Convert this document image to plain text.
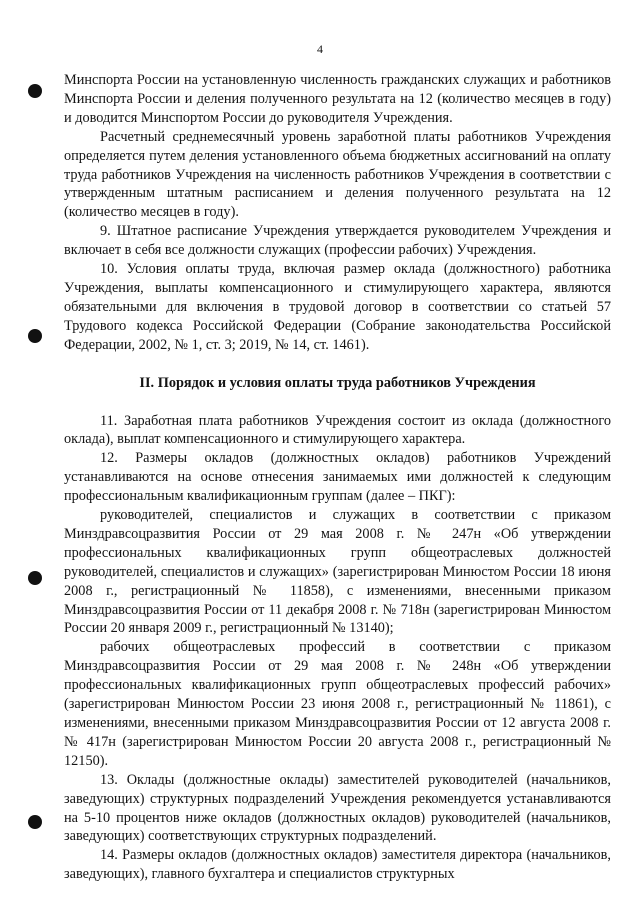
4

Минспорта России на установленную численность гражданских служащих и работников Минспорта России и деления полученного результата на 12 (количество месяцев в году) и доводится Минспортом России до руководителя Учреждения.

Расчетный среднемесячный уровень заработной платы работников Учреждения определяется путем деления установленного объема бюджетных ассигнований на оплату труда работников Учреждения на численность работников Учреждения в соответствии с утвержденным штатным расписанием и деления полученного результата на 12 (количество месяцев в году).

9. Штатное расписание Учреждения утверждается руководителем Учреждения и включает в себя все должности служащих (профессии рабочих) Учреждения.

10. Условия оплаты труда, включая размер оклада (должностного) работника Учреждения, выплаты компенсационного и стимулирующего характера, являются обязательными для включения в трудовой договор в соответствии со статьей 57 Трудового кодекса Российской Федерации (Собрание законодательства Российской Федерации, 2002, № 1, ст. 3; 2019, № 14, ст. 1461).

II. Порядок и условия оплаты труда работников Учреждения

11. Заработная плата работников Учреждения состоит из оклада (должностного оклада), выплат компенсационного и стимулирующего характера.

12. Размеры окладов (должностных окладов) работников Учреждений устанавливаются на основе отнесения занимаемых ими должностей к следующим профессиональным квалификационным группам (далее – ПКГ):

руководителей, специалистов и служащих в соответствии с приказом Минздравсоцразвития России от 29 мая 2008 г. № 247н «Об утверждении профессиональных квалификационных групп общеотраслевых должностей руководителей, специалистов и служащих» (зарегистрирован Минюстом России 18 июня 2008 г., регистрационный № 11858), с изменениями, внесенными приказом Минздравсоцразвития России от 11 декабря 2008 г. № 718н (зарегистрирован Минюстом России 20 января 2009 г., регистрационный № 13140);

рабочих общеотраслевых профессий в соответствии с приказом Минздравсоцразвития России от 29 мая 2008 г. № 248н «Об утверждении профессиональных квалификационных групп общеотраслевых профессий рабочих» (зарегистрирован Минюстом России 23 июня 2008 г., регистрационный № 11861), с изменениями, внесенными приказом Минздравсоцразвития России от 12 августа 2008 г. № 417н (зарегистрирован Минюстом России 20 августа 2008 г., регистрационный № 12150).

13. Оклады (должностные оклады) заместителей руководителей (начальников, заведующих) структурных подразделений Учреждения рекомендуется устанавливаются на 5-10 процентов ниже окладов (должностных окладов) руководителей (начальников, заведующих) соответствующих структурных подразделений.

14. Размеры окладов (должностных окладов) заместителя директора (начальников, заведующих), главного бухгалтера и специалистов структурных
